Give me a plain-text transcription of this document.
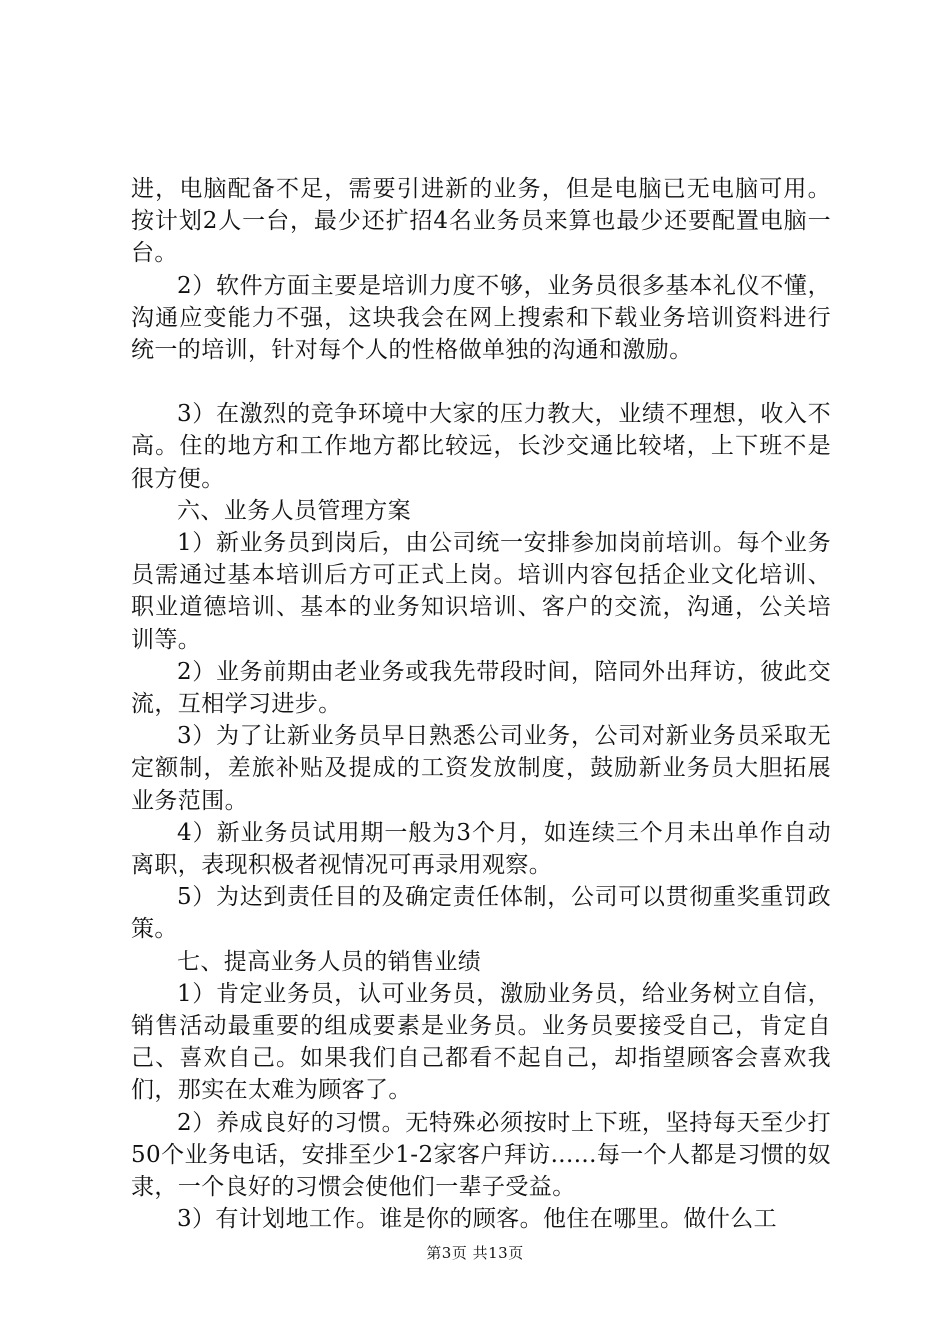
进，电脑配备不足，需要引进新的业务，但是电脑已无电脑可用。按计划2人一台，最少还扩招4名业务员来算也最少还要配置电脑一台。

2）软件方面主要是培训力度不够，业务员很多基本礼仪不懂，沟通应变能力不强，这块我会在网上搜索和下载业务培训资料进行统一的培训，针对每个人的性格做单独的沟通和激励。

3）在激烈的竞争环境中大家的压力教大，业绩不理想，收入不高。住的地方和工作地方都比较远，长沙交通比较堵，上下班不是很方便。

六、业务人员管理方案

1）新业务员到岗后，由公司统一安排参加岗前培训。每个业务员需通过基本培训后方可正式上岗。培训内容包括企业文化培训、职业道德培训、基本的业务知识培训、客户的交流，沟通，公关培训等。

2）业务前期由老业务或我先带段时间，陪同外出拜访，彼此交流，互相学习进步。

3）为了让新业务员早日熟悉公司业务，公司对新业务员采取无定额制，差旅补贴及提成的工资发放制度，鼓励新业务员大胆拓展业务范围。

4）新业务员试用期一般为3个月，如连续三个月未出单作自动离职，表现积极者视情况可再录用观察。

5）为达到责任目的及确定责任体制，公司可以贯彻重奖重罚政策。

七、提高业务人员的销售业绩

1）肯定业务员，认可业务员，激励业务员，给业务树立自信，销售活动最重要的组成要素是业务员。业务员要接受自己，肯定自己、喜欢自己。如果我们自己都看不起自己，却指望顾客会喜欢我们，那实在太难为顾客了。

2）养成良好的习惯。无特殊必须按时上下班，坚持每天至少打50个业务电话，安排至少1-2家客户拜访......每一个人都是习惯的奴隶，一个良好的习惯会使他们一辈子受益。

3）有计划地工作。谁是你的顾客。他住在哪里。做什么工

第3页 共13页
